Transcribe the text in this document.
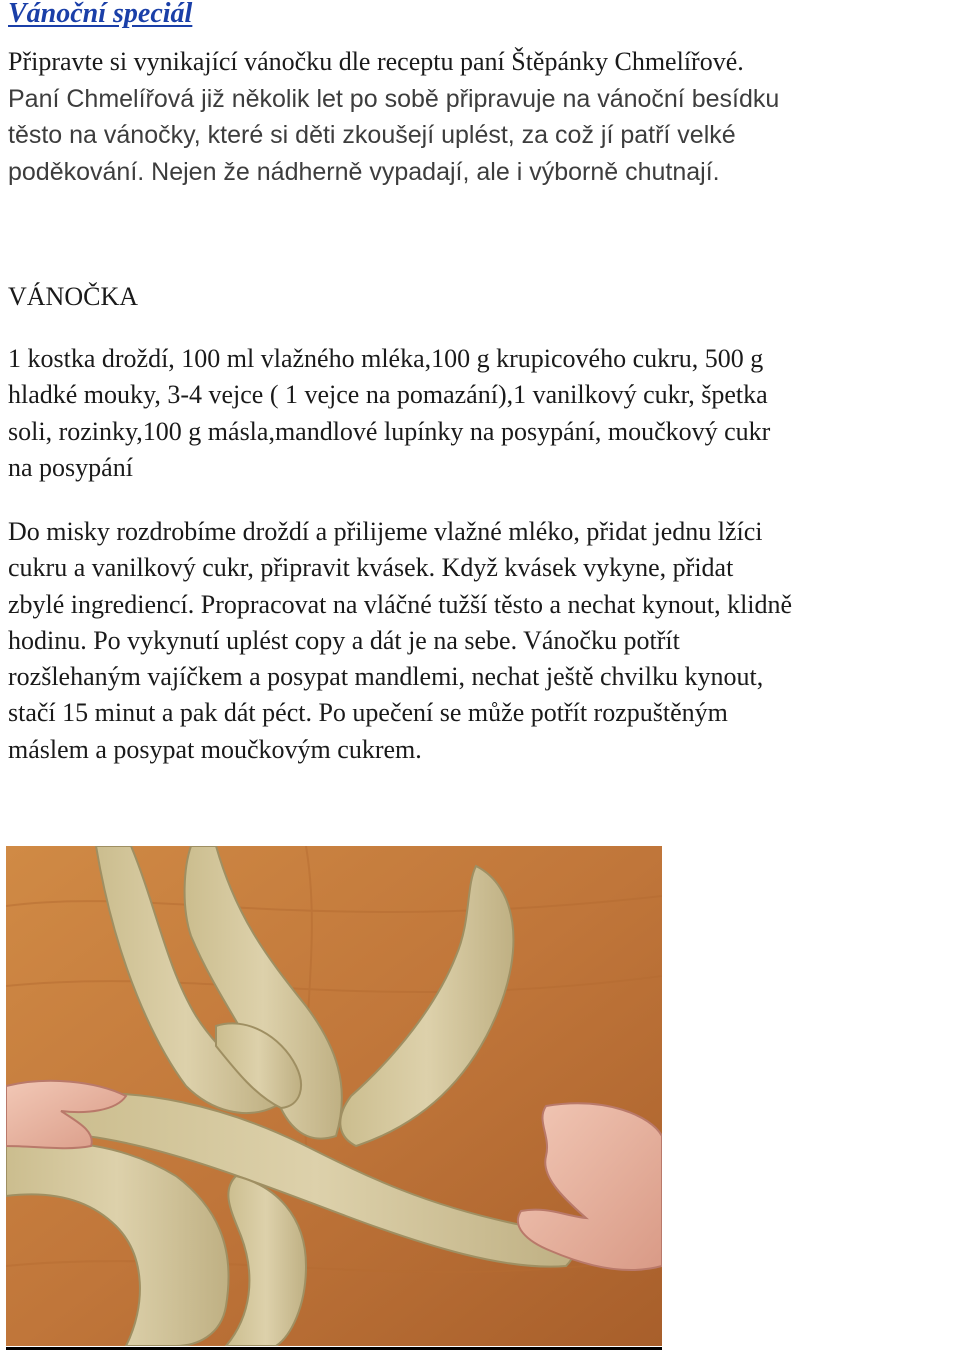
Vánoční speciál
Připravte si vynikající vánočku dle receptu paní Štěpánky Chmelířové.
Paní Chmelířová již několik let po sobě připravuje na vánoční besídku
těsto na vánočky, které si děti zkoušejí uplést, za což jí patří velké
poděkování. Nejen že nádherně vypadají, ale i výborně chutnají.
VÁNOČKA
1 kostka droždí, 100 ml vlažného mléka,100 g krupicového cukru, 500 g
hladké mouky, 3-4 vejce ( 1 vejce na pomazání),1 vanilkový cukr, špetka
soli, rozinky,100 g másla,mandlové lupínky na posypání, moučkový cukr
na posypání
Do misky rozdrobíme droždí a přilijeme vlažné mléko, přidat jednu lžíci
cukru a vanilkový cukr, připravit kvásek. Když kvásek vykyne, přidat
zbylé ingrediencí. Propracovat na vláčné tužší těsto a nechat kynout, klidně
hodinu. Po vykynutí uplést copy a dát je na sebe. Vánočku potřít
rozšlehaným vajíčkem a posypat mandlemi, nechat ještě chvilku kynout,
stačí 15 minut a pak dát péct. Po upečení se může potřít rozpuštěným
máslem a posypat moučkovým cukrem.
